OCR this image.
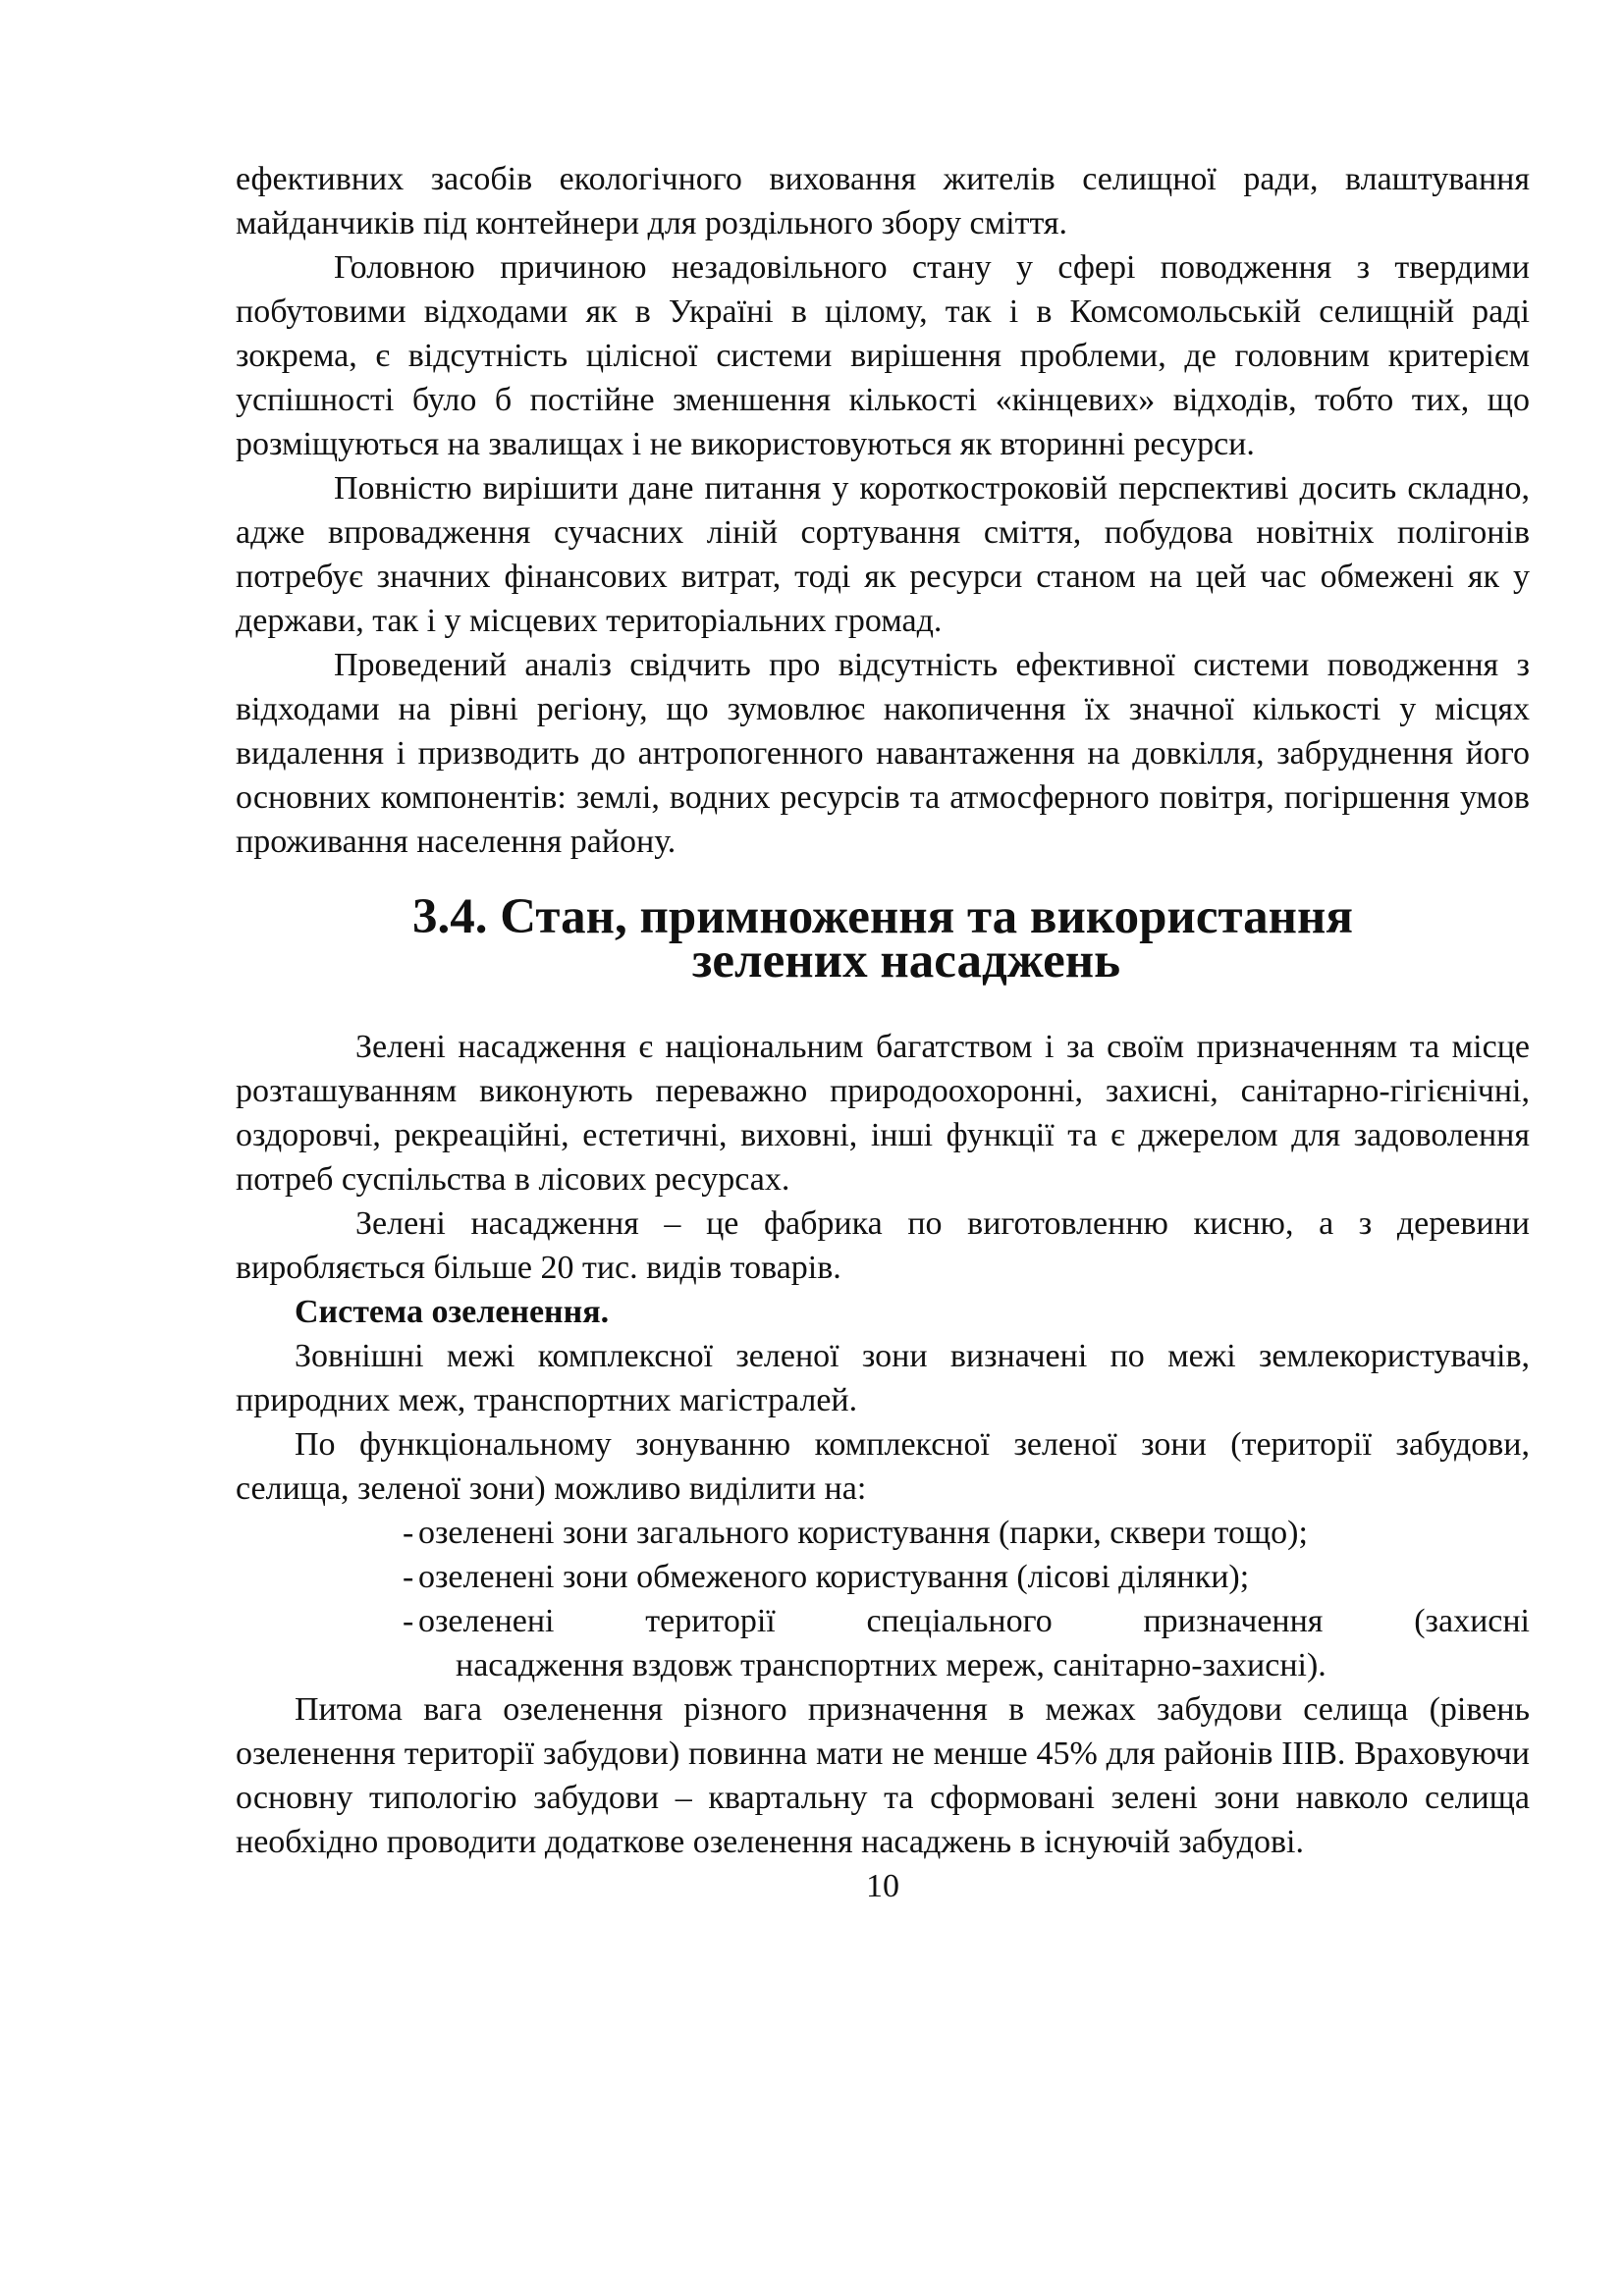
ефективних засобів екологічного виховання жителів селищної ради, влаштування майданчиків під контейнери для роздільного збору сміття.

Головною причиною незадовільного стану у сфері поводження з твердими побутовими відходами як в Україні в цілому, так і в Комсомольській селищній раді зокрема, є відсутність цілісної системи вирішення проблеми, де головним критерієм успішності було б постійне зменшення кількості «кінцевих» відходів, тобто тих, що розміщуються на звалищах і не використовуються як вторинні ресурси.

Повністю вирішити дане питання у короткостроковій перспективі досить складно, адже впровадження сучасних ліній сортування сміття, побудова новітніх полігонів потребує значних фінансових витрат, тоді як ресурси станом на цей час обмежені як у держави, так і у місцевих територіальних громад.

Проведений аналіз свідчить про відсутність ефективної системи поводження з відходами на рівні регіону, що зумовлює накопичення їх значної кількості у місцях видалення і призводить до антропогенного навантаження на довкілля, забруднення його основних компонентів: землі, водних ресурсів та атмосферного повітря, погіршення умов проживання населення району.

3.4. Стан, примноження та використання
зелених насаджень

Зелені насадження є національним багатством і за своїм призначенням та місце розташуванням виконують переважно природоохоронні, захисні, санітарно-гігієнічні, оздоровчі, рекреаційні, естетичні, виховні, інші функції та є джерелом для задоволення потреб суспільства в лісових ресурсах.

Зелені насадження – це фабрика по виготовленню кисню, а з деревини виробляється більше 20 тис. видів товарів.

Система озеленення.

Зовнішні межі комплексної зеленої зони визначені по межі землекористувачів, природних меж, транспортних магістралей.

По функціональному зонуванню комплексної зеленої зони (території забудови, селища, зеленої зони) можливо виділити на:

- озеленені зони загального користування (парки, сквери тощо);
- озеленені зони обмеженого користування (лісові ділянки);
- озеленені території спеціального призначення (захисні
насадження вздовж транспортних мереж, санітарно-захисні).

Питома вага озеленення різного призначення в межах забудови селища (рівень озеленення території забудови) повинна мати не менше 45% для районів IIIВ. Враховуючи основну типологію забудови – квартальну та сформовані зелені зони навколо селища необхідно проводити додаткове озеленення насаджень в існуючій забудові.

10
